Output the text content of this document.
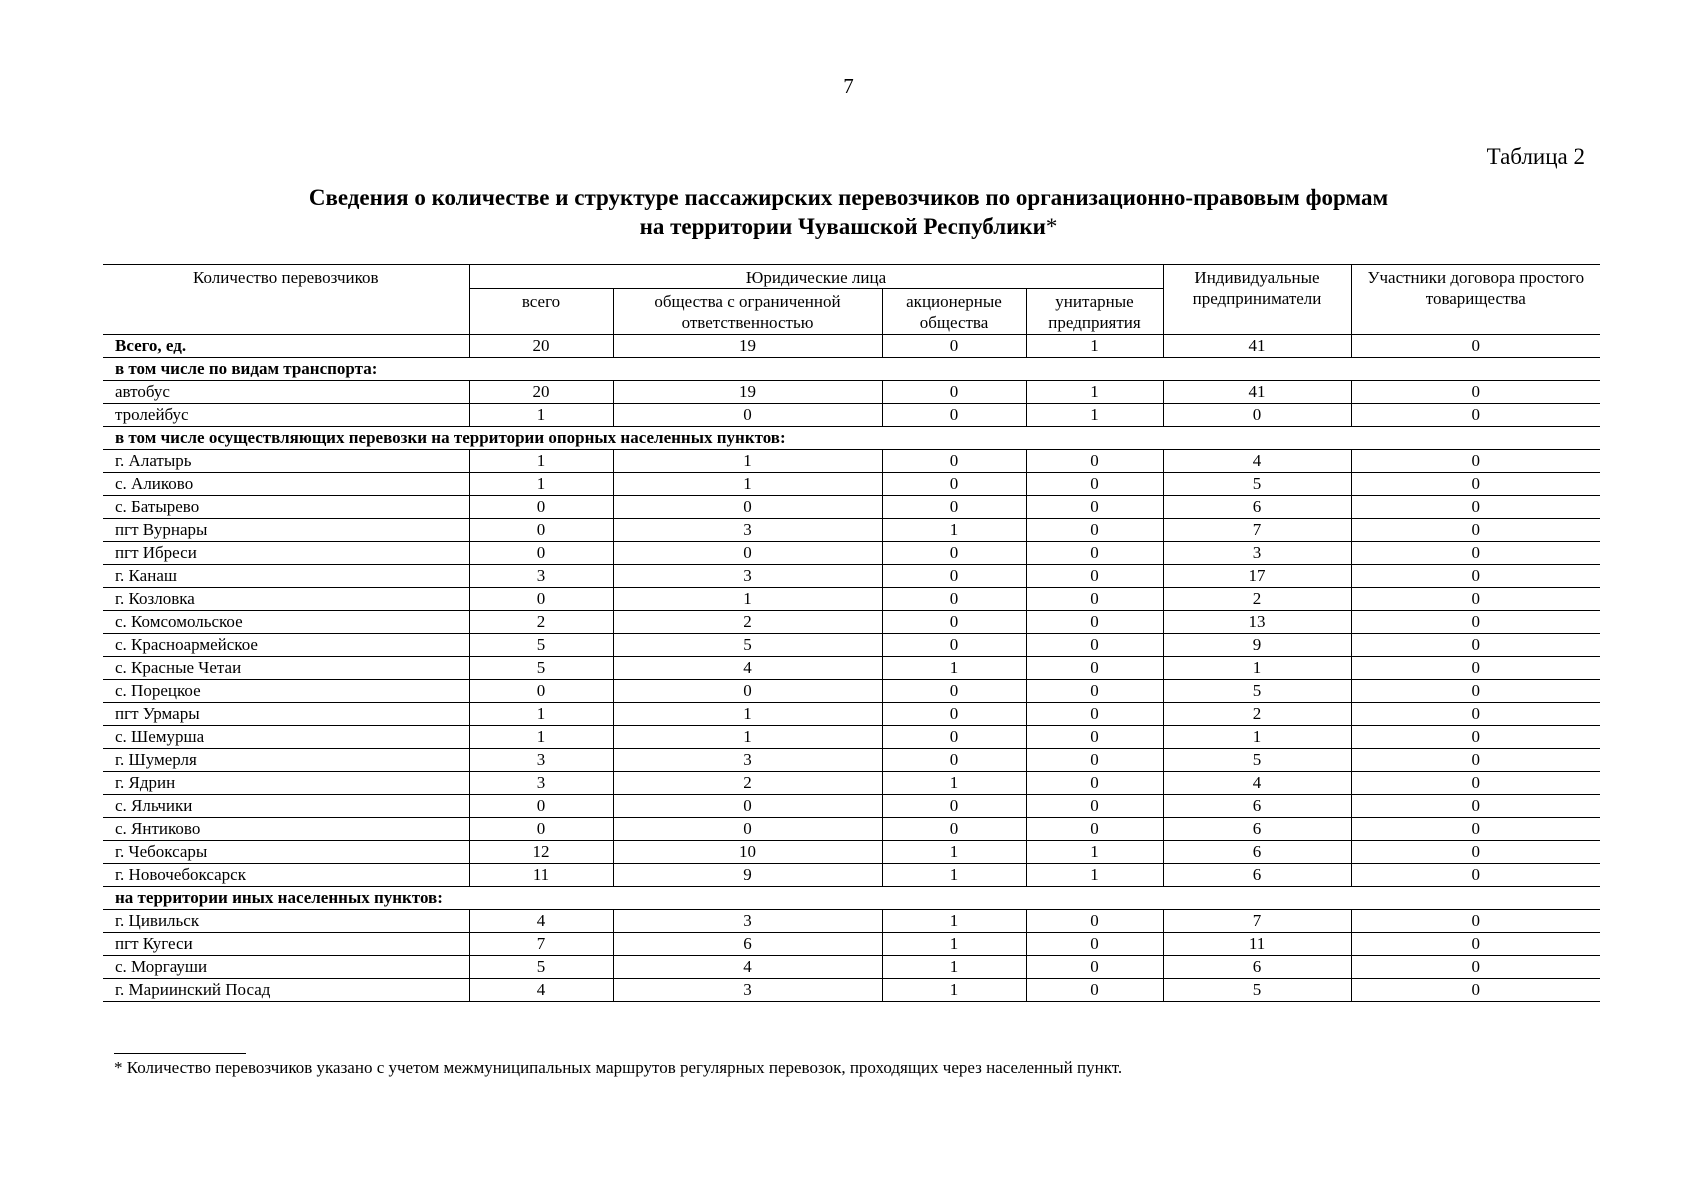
7
Таблица 2
Сведения о количестве и структуре пассажирских перевозчиков по организационно-правовым формам
на территории Чувашской Республики*
Количество перевозчиков	Юридические лица				Индивидуальные предприниматели	Участники договора простого товарищества
	всего	общества с ограниченной ответственностью	акционерные общества	унитарные предприятия		
Всего, ед.	20	19	0	1	41	0
в том числе по видам транспорта:						
автобус	20	19	0	1	41	0
тролейбус	1	0	0	1	0	0
в том числе осуществляющих перевозки на территории опорных населенных пунктов:						
г. Алатырь	1	1	0	0	4	0
с. Аликово	1	1	0	0	5	0
с. Батырево	0	0	0	0	6	0
пгт Вурнары	0	3	1	0	7	0
пгт Ибреси	0	0	0	0	3	0
г. Канаш	3	3	0	0	17	0
г. Козловка	0	1	0	0	2	0
с. Комсомольское	2	2	0	0	13	0
с. Красноармейское	5	5	0	0	9	0
с. Красные Четаи	5	4	1	0	1	0
с. Порецкое	0	0	0	0	5	0
пгт Урмары	1	1	0	0	2	0
с. Шемурша	1	1	0	0	1	0
г. Шумерля	3	3	0	0	5	0
г. Ядрин	3	2	1	0	4	0
с. Яльчики	0	0	0	0	6	0
с. Янтиково	0	0	0	0	6	0
г. Чебоксары	12	10	1	1	6	0
г. Новочебоксарск	11	9	1	1	6	0
на территории иных населенных пунктов:						
г. Цивильск	4	3	1	0	7	0
пгт Кугеси	7	6	1	0	11	0
с. Моргауши	5	4	1	0	6	0
г. Мариинский Посад	4	3	1	0	5	0
* Количество перевозчиков указано с учетом межмуниципальных маршрутов регулярных перевозок, проходящих через населенный пункт.
